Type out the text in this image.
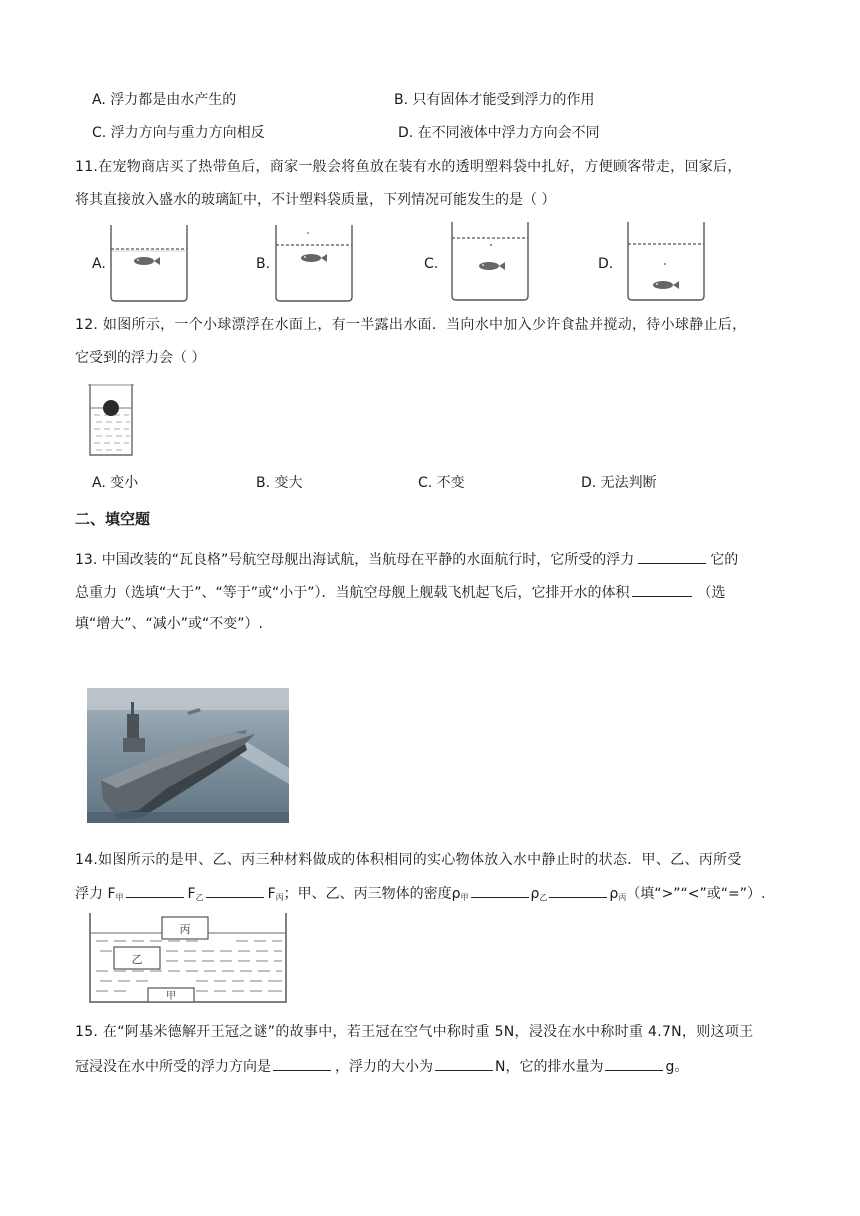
A. 浮力都是由水产生的	B. 只有固体才能受到浮力的作用
C. 浮力方向与重力方向相反	D. 在不同液体中浮力方向会不同
11.在宠物商店买了热带鱼后，商家一般会将鱼放在装有水的透明塑料袋中扎好，方便顾客带走，回家后，
将其直接放入盛水的玻璃缸中，不计塑料袋质量，下列情况可能发生的是（ ）
A.	B.	C.	D.
12. 如图所示，一个小球漂浮在水面上，有一半露出水面．当向水中加入少许食盐并搅动，待小球静止后，
它受到的浮力会（ ）
A. 变小	B. 变大	C. 不变	D. 无法判断
二、填空题
13. 中国改装的“瓦良格”号航空母舰出海试航，当航母在平静的水面航行时，它所受的浮力	它的
总重力（选填“大于”、“等于”或“小于”）．当航空母舰上舰载飞机起飞后，它排开水的体积	（选
填“增大”、“减小”或“不变”）.
14.如图所示的是甲、乙、丙三种材料做成的体积相同的实心物体放入水中静止时的状态．甲、乙、丙所受
浮力 $F_甲$	$F_乙$	$F_丙$；甲、乙、丙三物体的密度$\rho_甲$	$\rho_乙$	$\rho_丙$（填“>”“<”或“=”）.
丙
乙
甲
15. 在“阿基米德解开王冠之谜”的故事中，若王冠在空气中称时重 5N，浸没在水中称时重 4.7N，则这项王
冠浸没在水中所受的浮力方向是	，浮力的大小为	N，它的排水量为	g。
